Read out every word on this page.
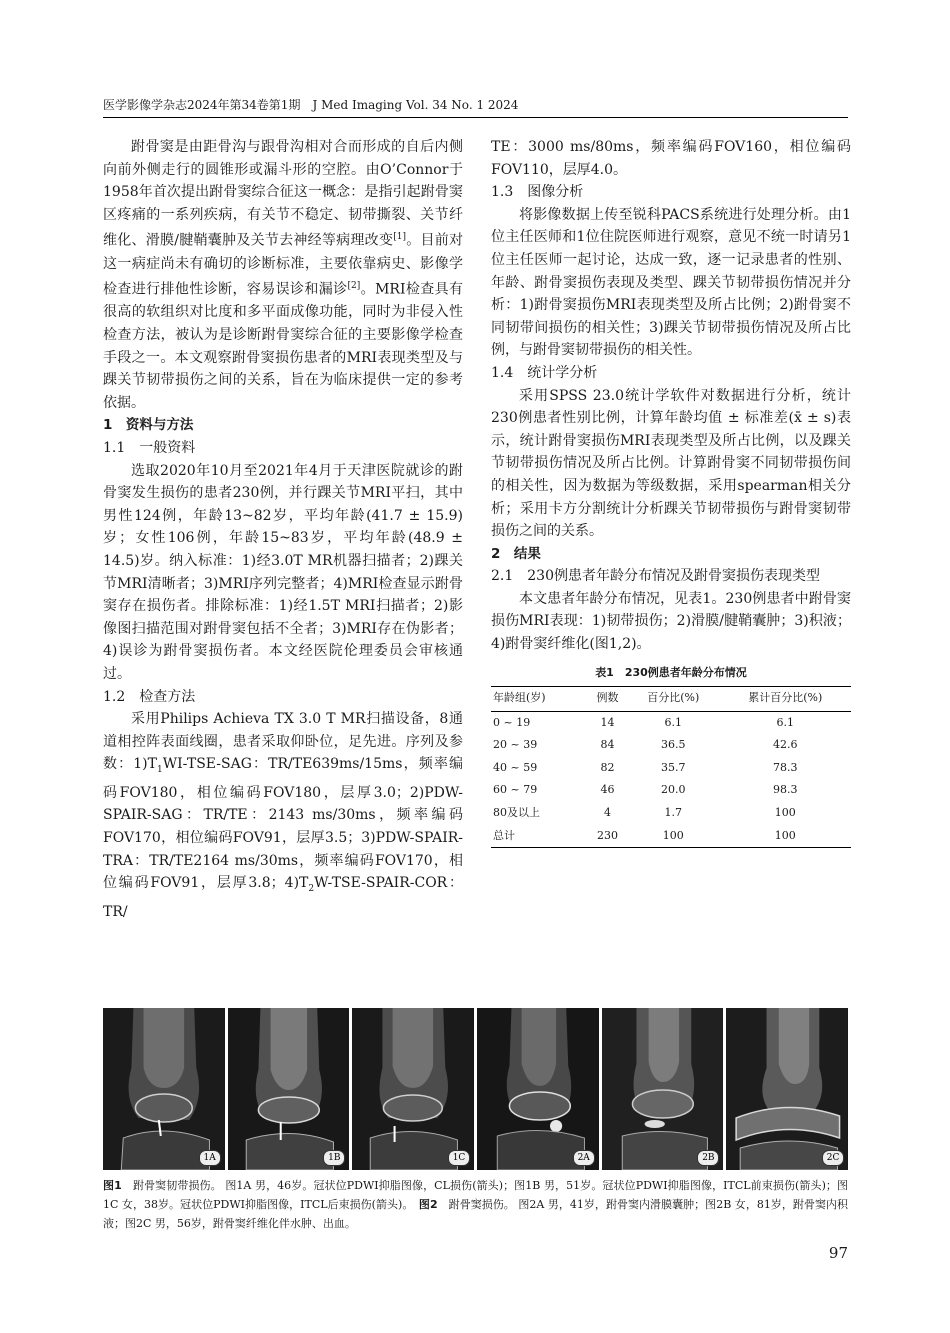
医学影像学杂志2024年第34卷第1期　J Med Imaging Vol. 34 No. 1 2024

跗骨窦是由距骨沟与跟骨沟相对合而形成的自后内侧向前外侧走行的圆锥形或漏斗形的空腔。由O’Connor于1958年首次提出跗骨窦综合征这一概念：是指引起跗骨窦区疼痛的一系列疾病，有关节不稳定、韧带撕裂、关节纤维化、滑膜/腱鞘囊肿及关节去神经等病理改变[1]。目前对这一病症尚未有确切的诊断标准，主要依靠病史、影像学检查进行排他性诊断，容易误诊和漏诊[2]。MRI检查具有很高的软组织对比度和多平面成像功能，同时为非侵入性检查方法，被认为是诊断跗骨窦综合征的主要影像学检查手段之一。本文观察跗骨窦损伤患者的MRI表现类型及与踝关节韧带损伤之间的关系，旨在为临床提供一定的参考依据。

1　资料与方法

1.1　一般资料

选取2020年10月至2021年4月于天津医院就诊的跗骨窦发生损伤的患者230例，并行踝关节MRI平扫，其中男性124例，年龄13~82岁，平均年龄(41.7 ± 15.9)岁；女性106例，年龄15~83岁，平均年龄(48.9 ± 14.5)岁。纳入标准：1)经3.0T MR机器扫描者；2)踝关节MRI清晰者；3)MRI序列完整者；4)MRI检查显示跗骨窦存在损伤者。排除标准：1)经1.5T MRI扫描者；2)影像图扫描范围对跗骨窦包括不全者；3)MRI存在伪影者；4)误诊为跗骨窦损伤者。本文经医院伦理委员会审核通过。

1.2　检查方法

采用Philips Achieva TX 3.0 T MR扫描设备，8通道相控阵表面线圈，患者采取仰卧位，足先进。序列及参数：$1)T_1WI-TSE$-SAG：TR/TE639ms/15ms，频率编码FOV180，相位编码FOV180，层厚3.0；2)PDW-SPAIR-SAG：TR/TE：2143 ms/30ms，频率编码FOV170，相位编码FOV91，层厚3.5；3)PDW-SPAIR-TRA：TR/TE2164 ms/30ms，频率编码FOV170，相位编码FOV91，层厚3.8；$4)T_2W-TSE-SPAIR$-COR：TR/

TE：3000 ms/80ms，频率编码FOV160，相位编码FOV110，层厚4.0。

1.3　图像分析

将影像数据上传至锐科PACS系统进行处理分析。由1位主任医师和1位住院医师进行观察，意见不统一时请另1位主任医师一起讨论，达成一致，逐一记录患者的性别、年龄、跗骨窦损伤表现及类型、踝关节韧带损伤情况并分析：1)跗骨窦损伤MRI表现类型及所占比例；2)跗骨窦不同韧带间损伤的相关性；3)踝关节韧带损伤情况及所占比例，与跗骨窦韧带损伤的相关性。

1.4　统计学分析

采用SPSS 23.0统计学软件对数据进行分析，统计230例患者性别比例，计算年龄均值 ± 标准差(x̄ ± s)表示，统计跗骨窦损伤MRI表现类型及所占比例，以及踝关节韧带损伤情况及所占比例。计算跗骨窦不同韧带损伤间的相关性，因为数据为等级数据，采用spearman相关分析；采用卡方分割统计分析踝关节韧带损伤与跗骨窦韧带损伤之间的关系。

2　结果

2.1　230例患者年龄分布情况及跗骨窦损伤表现类型

本文患者年龄分布情况，见表1。230例患者中跗骨窦损伤MRI表现：1)韧带损伤；2)滑膜/腱鞘囊肿；3)积液；4)跗骨窦纤维化(图1,2)。

表1　230例患者年龄分布情况
年龄组(岁)	例数	百分比(%)	累计百分比(%)
0 ~ 19	14	6.1	6.1
20 ~ 39	84	36.5	42.6
40 ~ 59	82	35.7	78.3
60 ~ 79	46	20.0	98.3
80及以上	4	1.7	100
总计	230	100	100
1A	1B	1C	2A	2B	2C
图1　 跗骨窦韧带损伤。 图1A 男，46岁。冠状位PDWI抑脂图像，CL损伤(箭头)；图1B 男，51岁。冠状位PDWI抑脂图像，ITCL前束损伤(箭头)；图1C 女，38岁。冠状位PDWI抑脂图像，ITCL后束损伤(箭头)。　 图2　 跗骨窦损伤。 图2A 男，41岁，跗骨窦内滑膜囊肿；图2B 女，81岁，跗骨窦内积液；图2C 男，56岁，跗骨窦纤维化伴水肿、出血。
97
